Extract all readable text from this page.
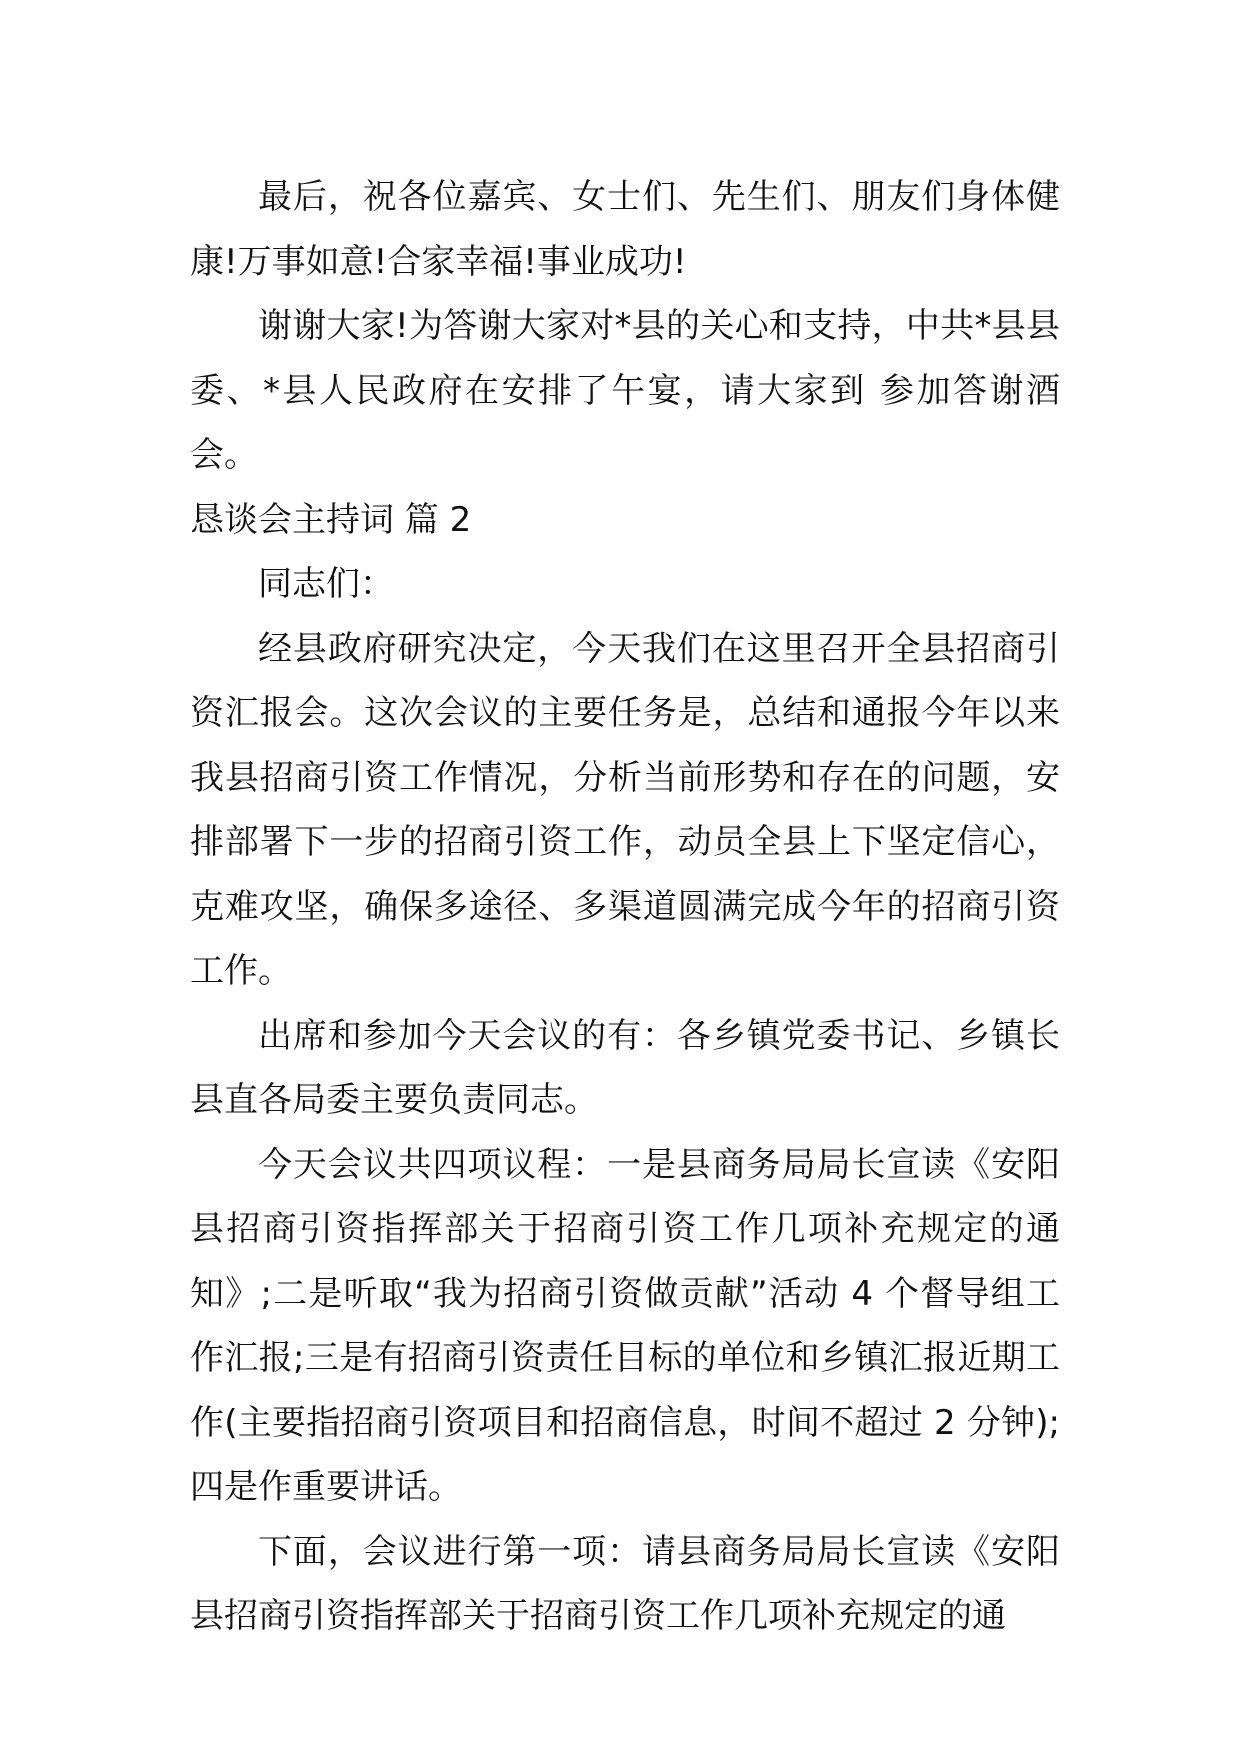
最后，祝各位嘉宾、女士们、先生们、朋友们身体健康!万事如意!合家幸福!事业成功!

谢谢大家!为答谢大家对*县的关心和支持，中共*县县委、*县人民政府在安排了午宴，请大家到 参加答谢酒会。

恳谈会主持词 篇 2

同志们：

经县政府研究决定，今天我们在这里召开全县招商引资汇报会。这次会议的主要任务是，总结和通报今年以来我县招商引资工作情况，分析当前形势和存在的问题，安排部署下一步的招商引资工作，动员全县上下坚定信心，克难攻坚，确保多途径、多渠道圆满完成今年的招商引资工作。

出席和参加今天会议的有：各乡镇党委书记、乡镇长县直各局委主要负责同志。

今天会议共四项议程：一是县商务局局长宣读《安阳县招商引资指挥部关于招商引资工作几项补充规定的通知》;二是听取“我为招商引资做贡献”活动 4 个督导组工作汇报;三是有招商引资责任目标的单位和乡镇汇报近期工作(主要指招商引资项目和招商信息，时间不超过 2 分钟);四是作重要讲话。

下面，会议进行第一项：请县商务局局长宣读《安阳县招商引资指挥部关于招商引资工作几项补充规定的通
